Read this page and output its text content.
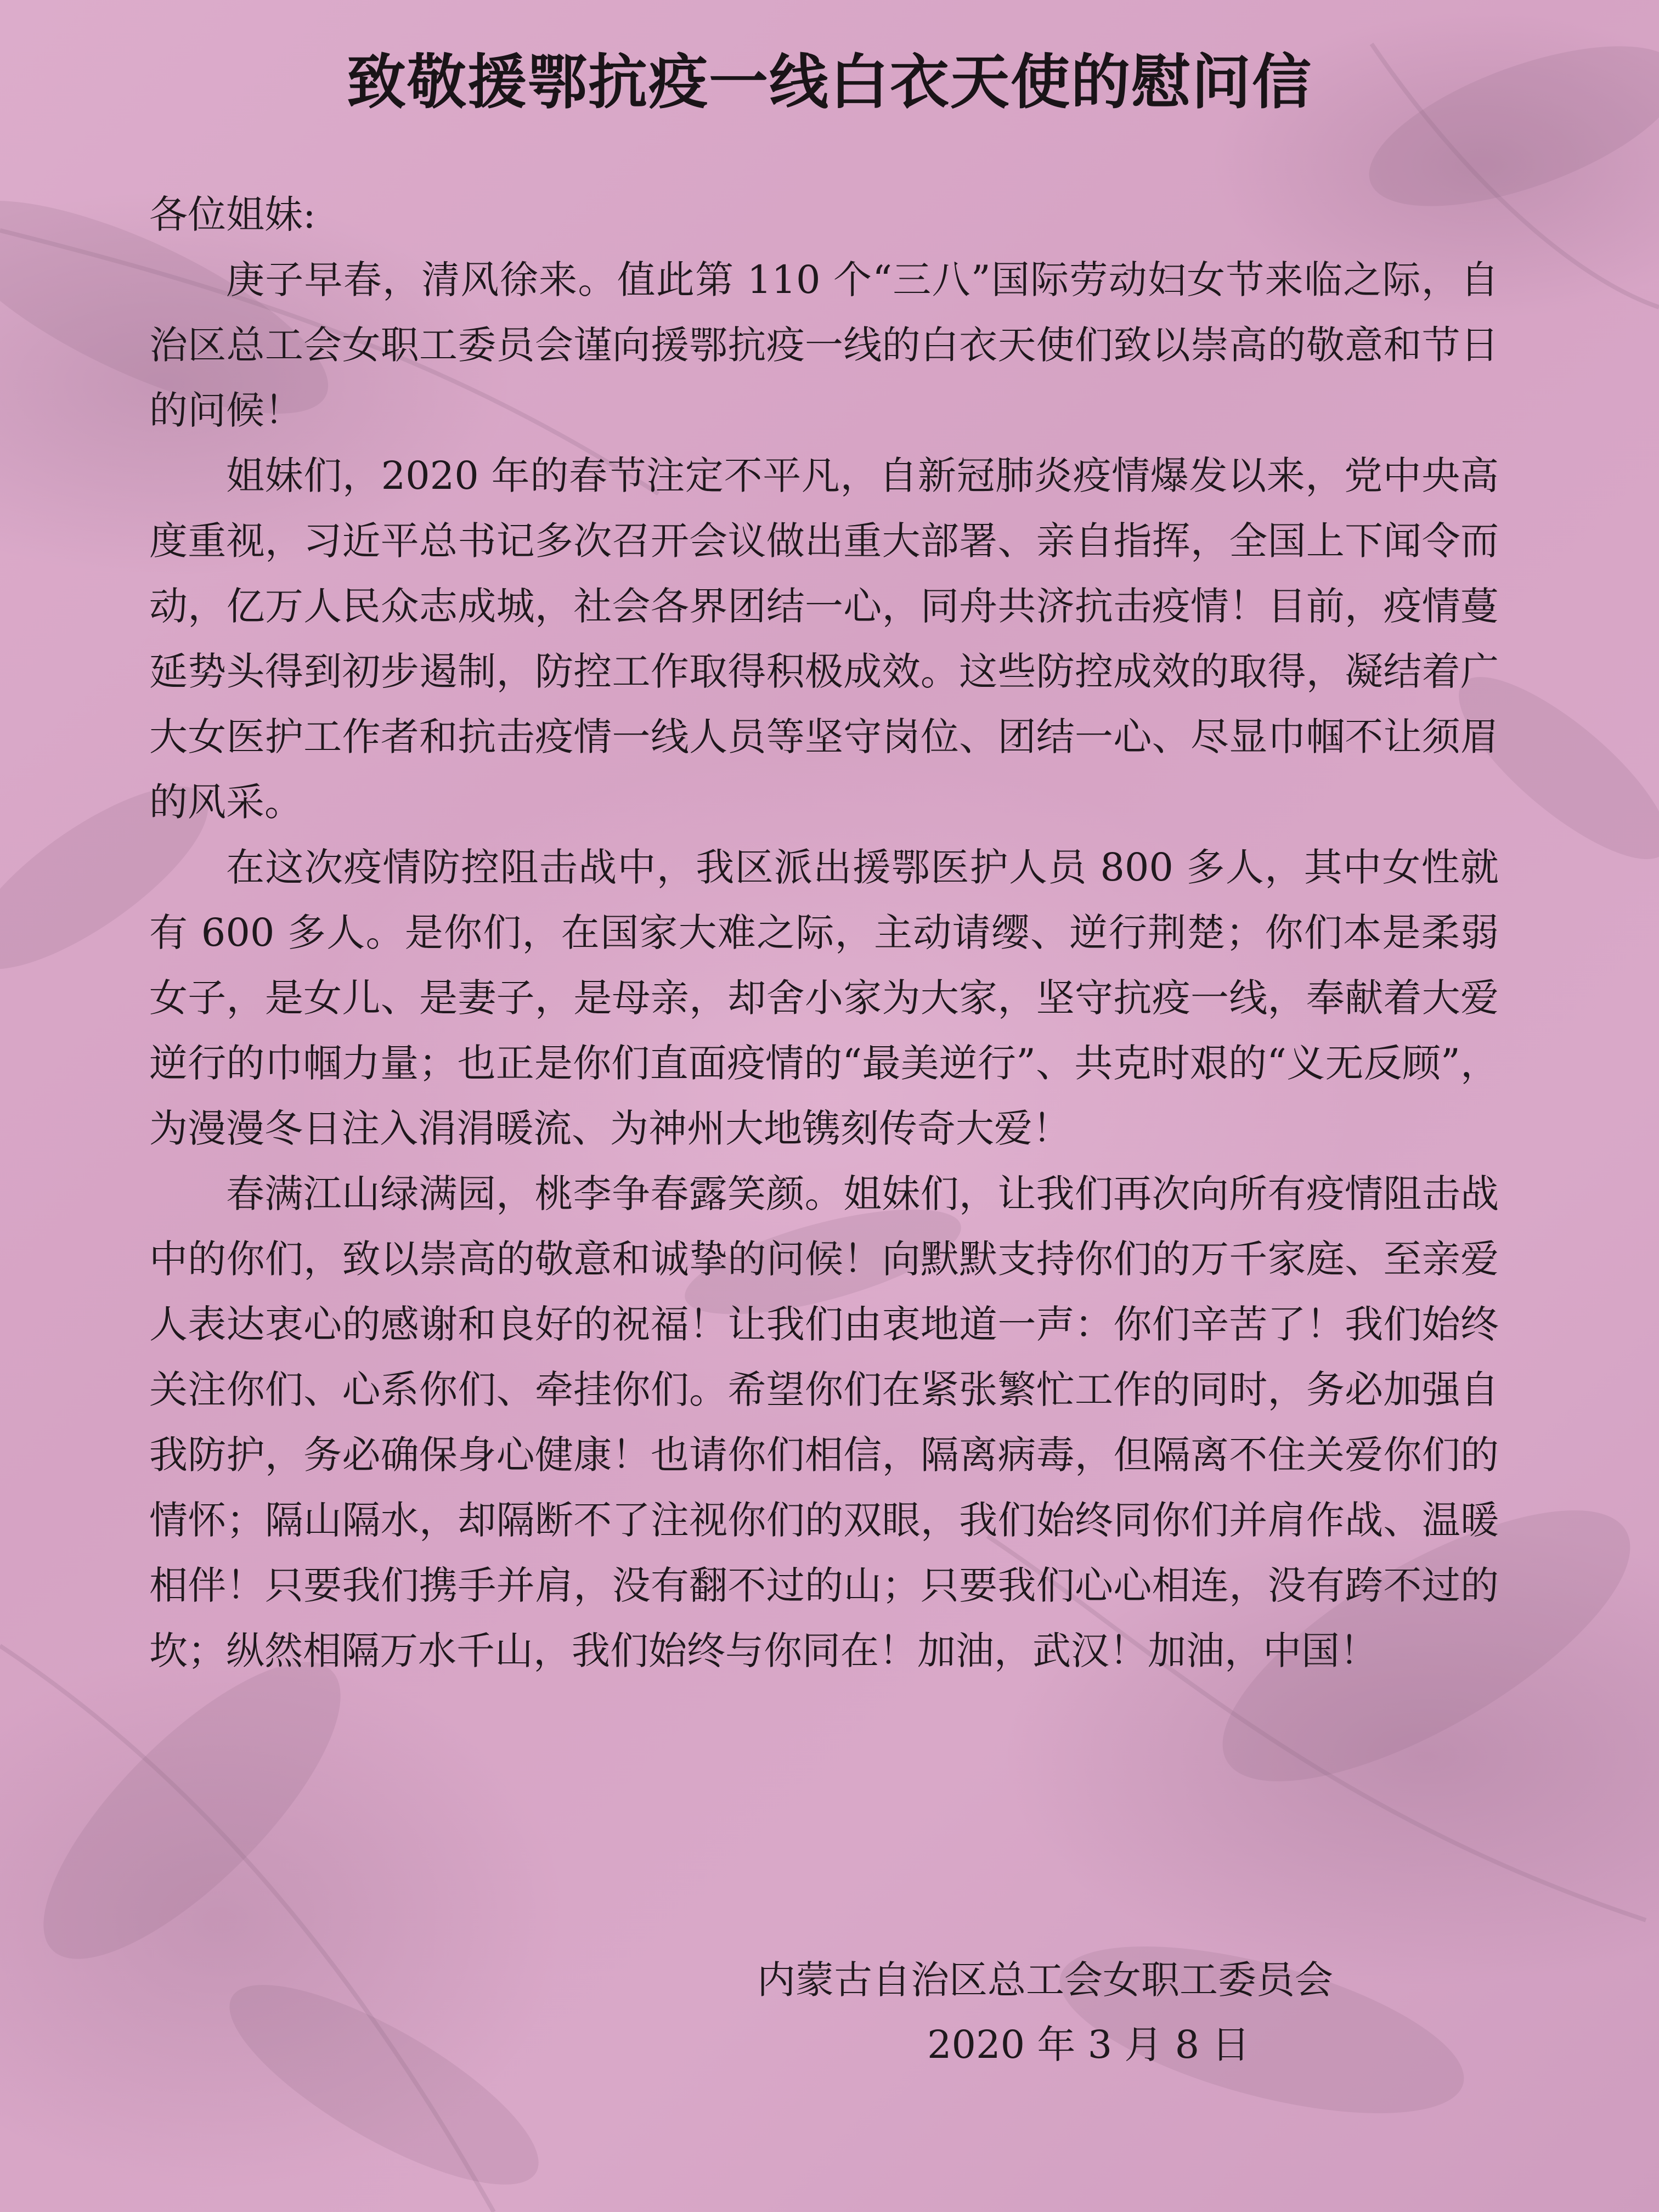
致敬援鄂抗疫一线白衣天使的慰问信

各位姐妹:

庚子早春，清风徐来。值此第 110 个“三八”国际劳动妇女节来临之际，自治区总工会女职工委员会谨向援鄂抗疫一线的白衣天使们致以崇高的敬意和节日的问候！

姐妹们，2020 年的春节注定不平凡，自新冠肺炎疫情爆发以来，党中央高度重视，习近平总书记多次召开会议做出重大部署、亲自指挥，全国上下闻令而动，亿万人民众志成城，社会各界团结一心，同舟共济抗击疫情！目前，疫情蔓延势头得到初步遏制，防控工作取得积极成效。这些防控成效的取得，凝结着广大女医护工作者和抗击疫情一线人员等坚守岗位、团结一心、尽显巾帼不让须眉的风采。

在这次疫情防控阻击战中，我区派出援鄂医护人员 800 多人，其中女性就有 600 多人。是你们，在国家大难之际，主动请缨、逆行荆楚；你们本是柔弱女子，是女儿、是妻子，是母亲，却舍小家为大家，坚守抗疫一线，奉献着大爱逆行的巾帼力量；也正是你们直面疫情的“最美逆行”、共克时艰的“义无反顾”，为漫漫冬日注入涓涓暖流、为神州大地镌刻传奇大爱！

春满江山绿满园，桃李争春露笑颜。姐妹们，让我们再次向所有疫情阻击战中的你们，致以崇高的敬意和诚挚的问候！向默默支持你们的万千家庭、至亲爱人表达衷心的感谢和良好的祝福！让我们由衷地道一声：你们辛苦了！我们始终关注你们、心系你们、牵挂你们。希望你们在紧张繁忙工作的同时，务必加强自我防护，务必确保身心健康！也请你们相信，隔离病毒，但隔离不住关爱你们的情怀；隔山隔水，却隔断不了注视你们的双眼，我们始终同你们并肩作战、温暖相伴！只要我们携手并肩，没有翻不过的山；只要我们心心相连，没有跨不过的坎；纵然相隔万水千山，我们始终与你同在！加油，武汉！加油，中国！

内蒙古自治区总工会女职工委员会

2020 年 3 月 8 日
